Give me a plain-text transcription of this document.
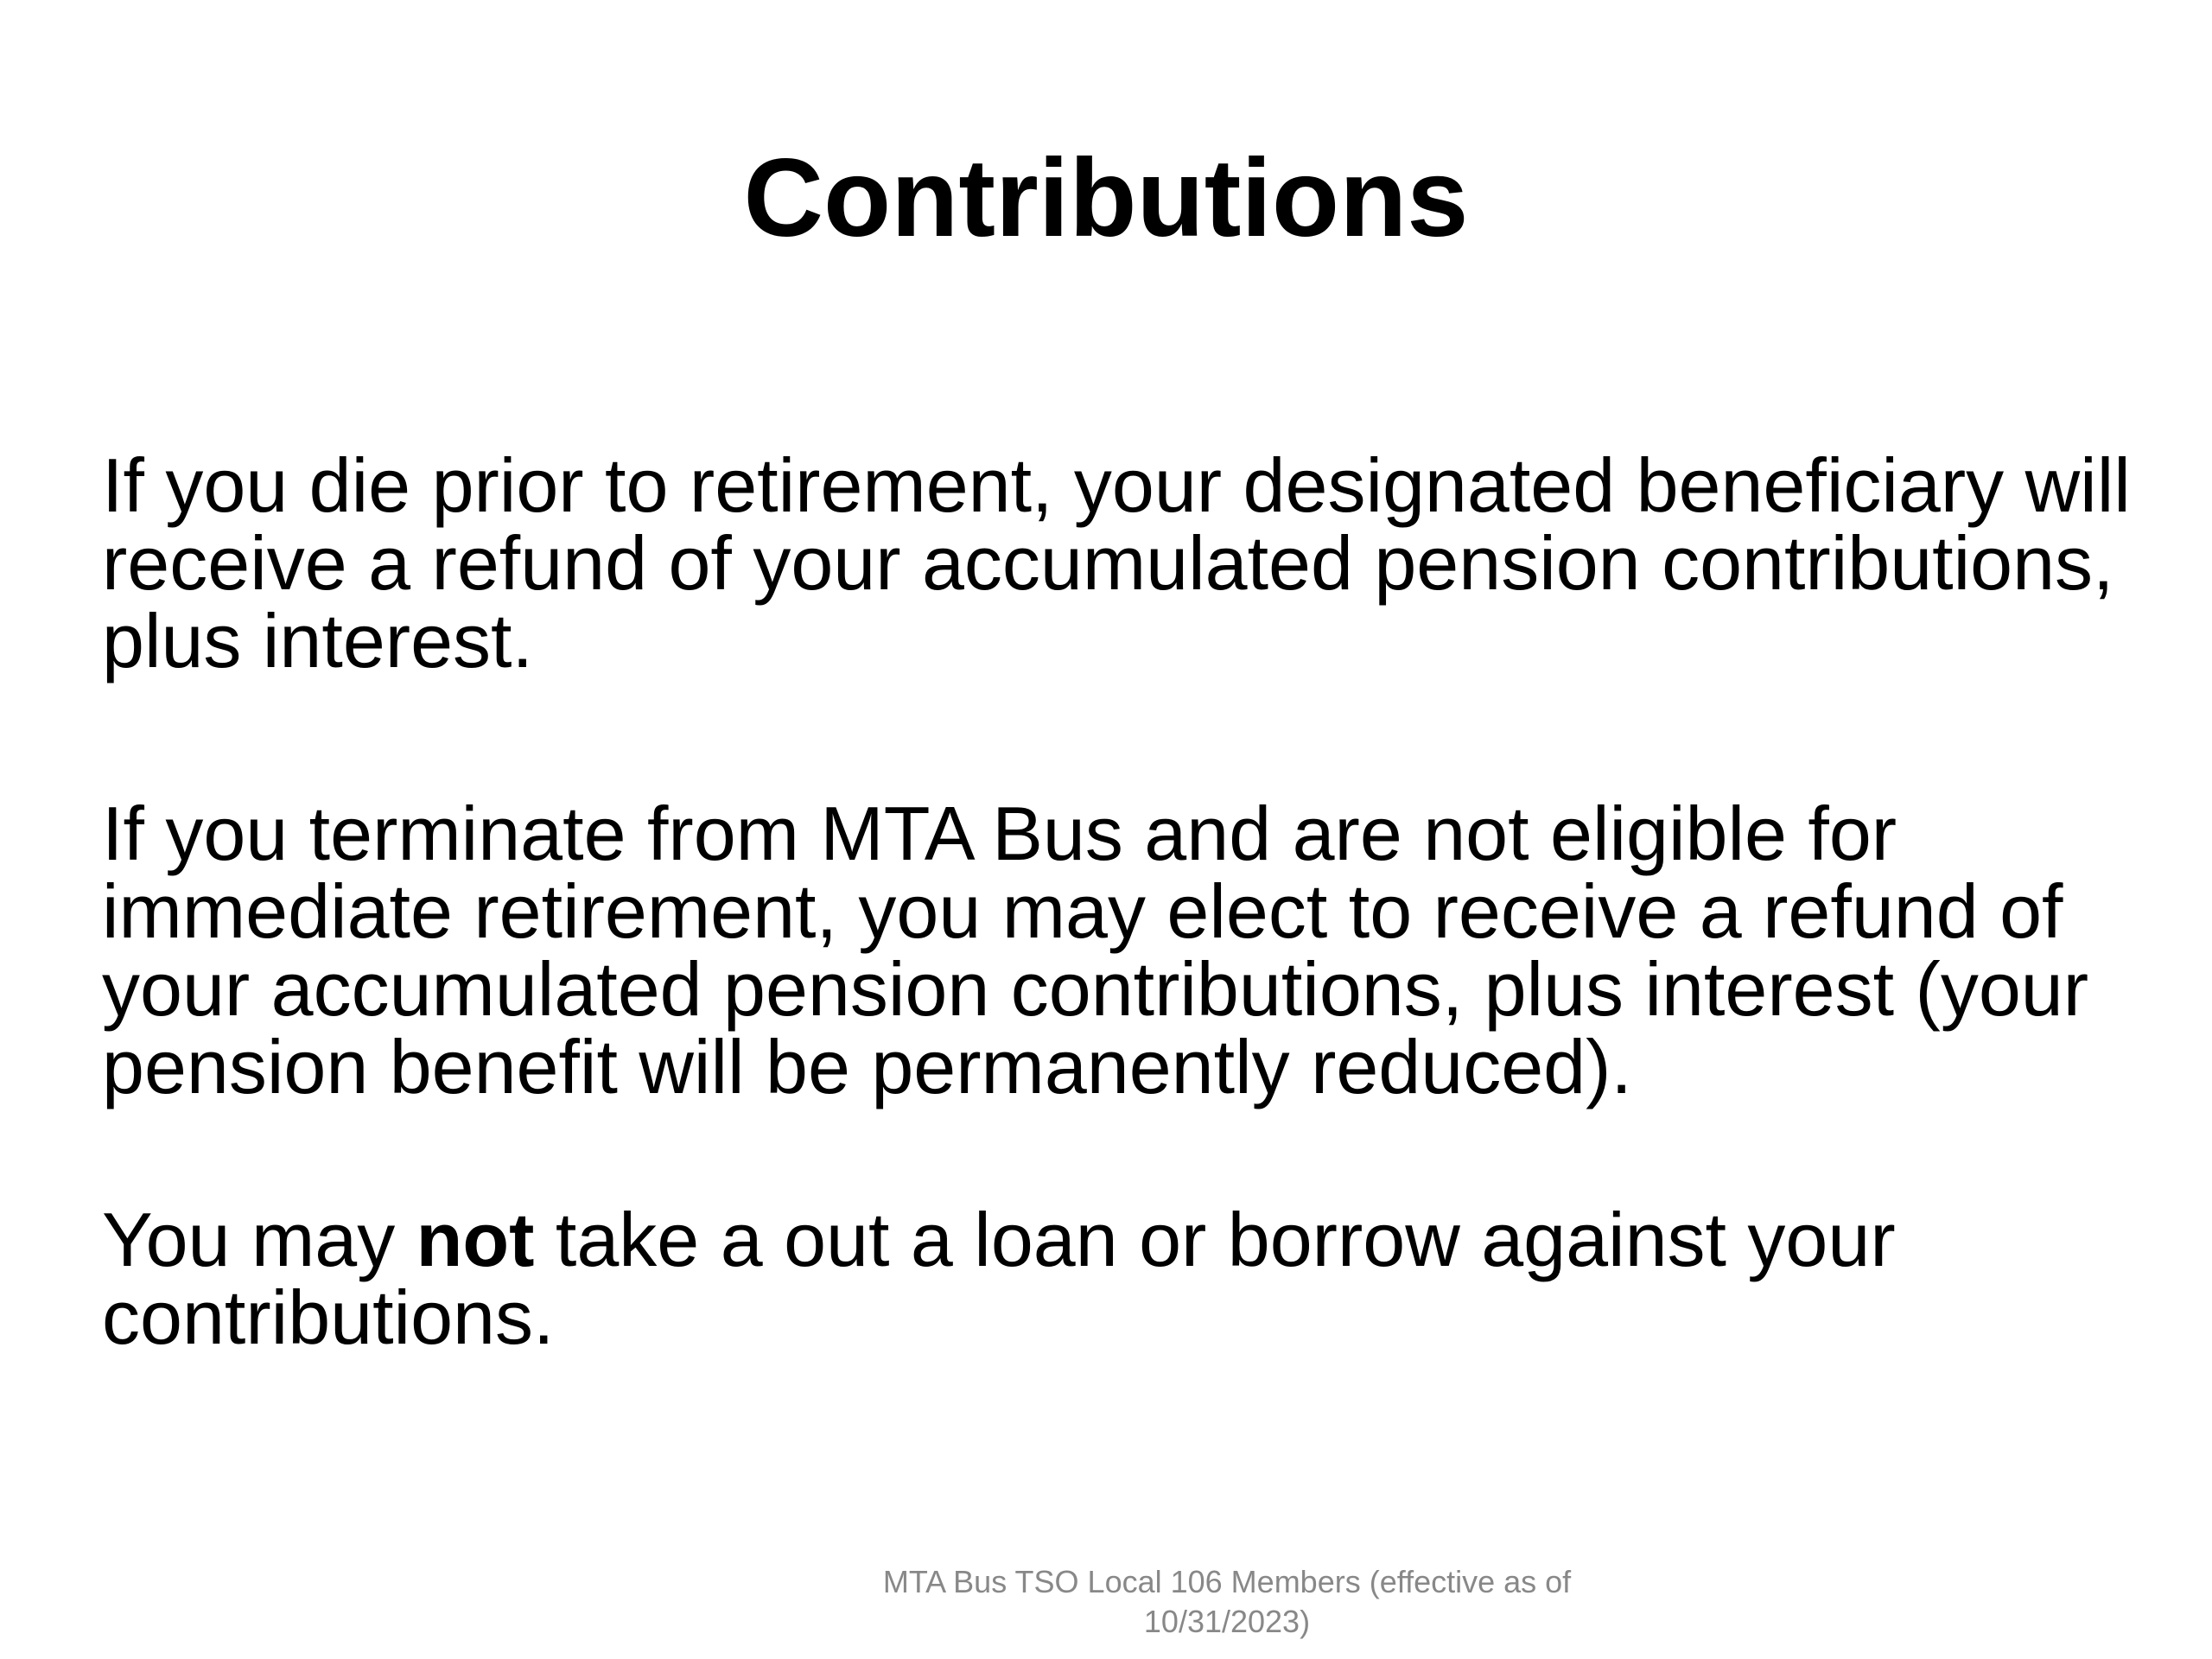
Contributions

If you die prior to retirement, your designated beneficiary will receive a refund of your accumulated pension contributions, plus interest.

If you terminate from MTA Bus and are not eligible for immediate retirement, you may elect to receive a refund of your accumulated pension contributions, plus interest (your pension benefit will be permanently reduced).

You may not take a out a loan or borrow against your contributions.

MTA Bus TSO Local 106 Members (effective as of 10/31/2023)
